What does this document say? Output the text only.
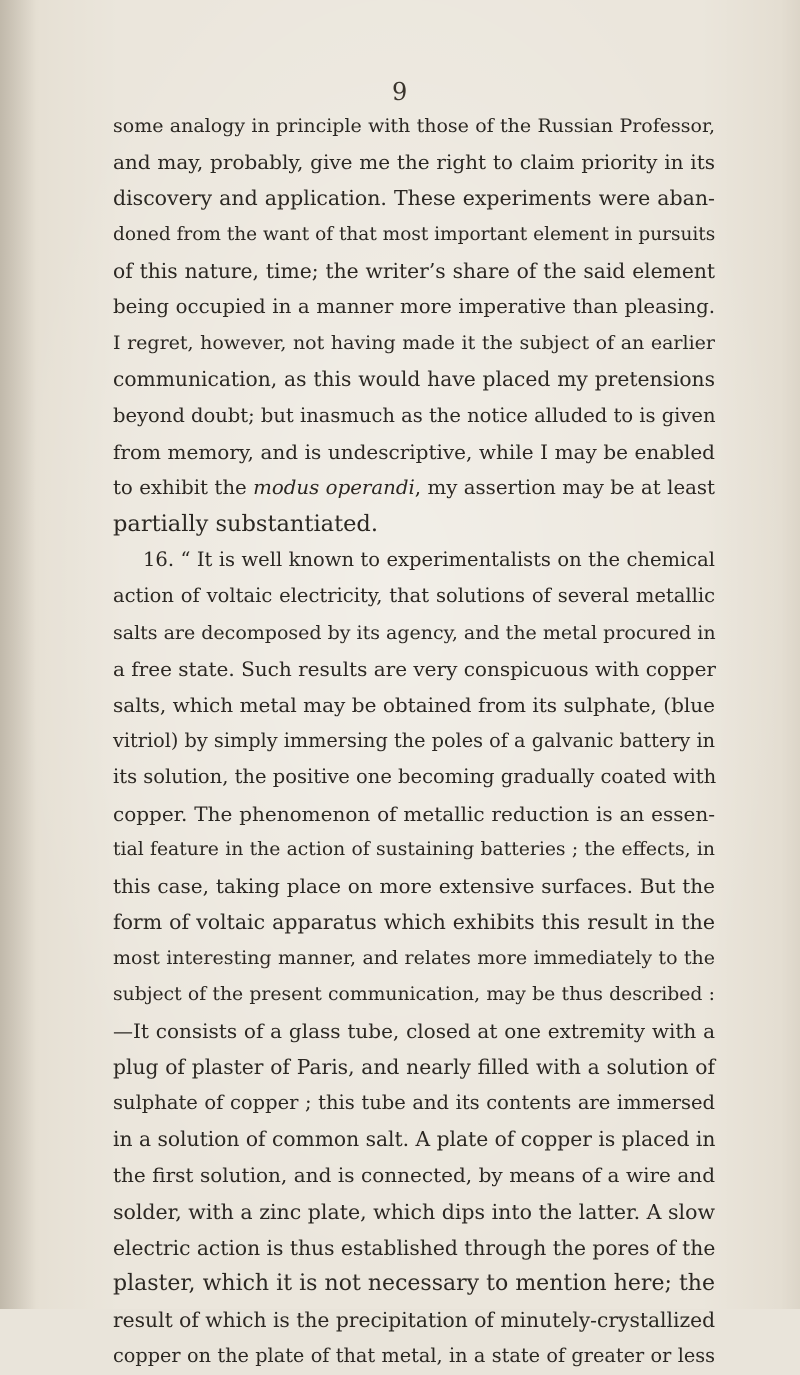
9
some analogy in principle with those of the Russian Professor,
and may, probably, give me the right to claim priority in its
discovery and application. These experiments were aban-
doned from the want of that most important element in pursuits
of this nature, time; the writer’s share of the said element
being occupied in a manner more imperative than pleasing.
I regret, however, not having made it the subject of an earlier
communication, as this would have placed my pretensions
beyond doubt; but inasmuch as the notice alluded to is given
from memory, and is undescriptive, while I may be enabled
to exhibit the modus operandi, my assertion may be at least
partially substantiated.
16. “ It is well known to experimentalists on the chemical
action of voltaic electricity, that solutions of several metallic
salts are decomposed by its agency, and the metal procured in
a free state. Such results are very conspicuous with copper
salts, which metal may be obtained from its sulphate, (blue
vitriol) by simply immersing the poles of a galvanic battery in
its solution, the positive one becoming gradually coated with
copper. The phenomenon of metallic reduction is an essen-
tial feature in the action of sustaining batteries ; the effects, in
this case, taking place on more extensive surfaces. But the
form of voltaic apparatus which exhibits this result in the
most interesting manner, and relates more immediately to the
subject of the present communication, may be thus described :
—It consists of a glass tube, closed at one extremity with a
plug of plaster of Paris, and nearly filled with a solution of
sulphate of copper ; this tube and its contents are immersed
in a solution of common salt. A plate of copper is placed in
the first solution, and is connected, by means of a wire and
solder, with a zinc plate, which dips into the latter. A slow
electric action is thus established through the pores of the
plaster, which it is not necessary to mention here; the
result of which is the precipitation of minutely-crystallized
copper on the plate of that metal, in a state of greater or less
